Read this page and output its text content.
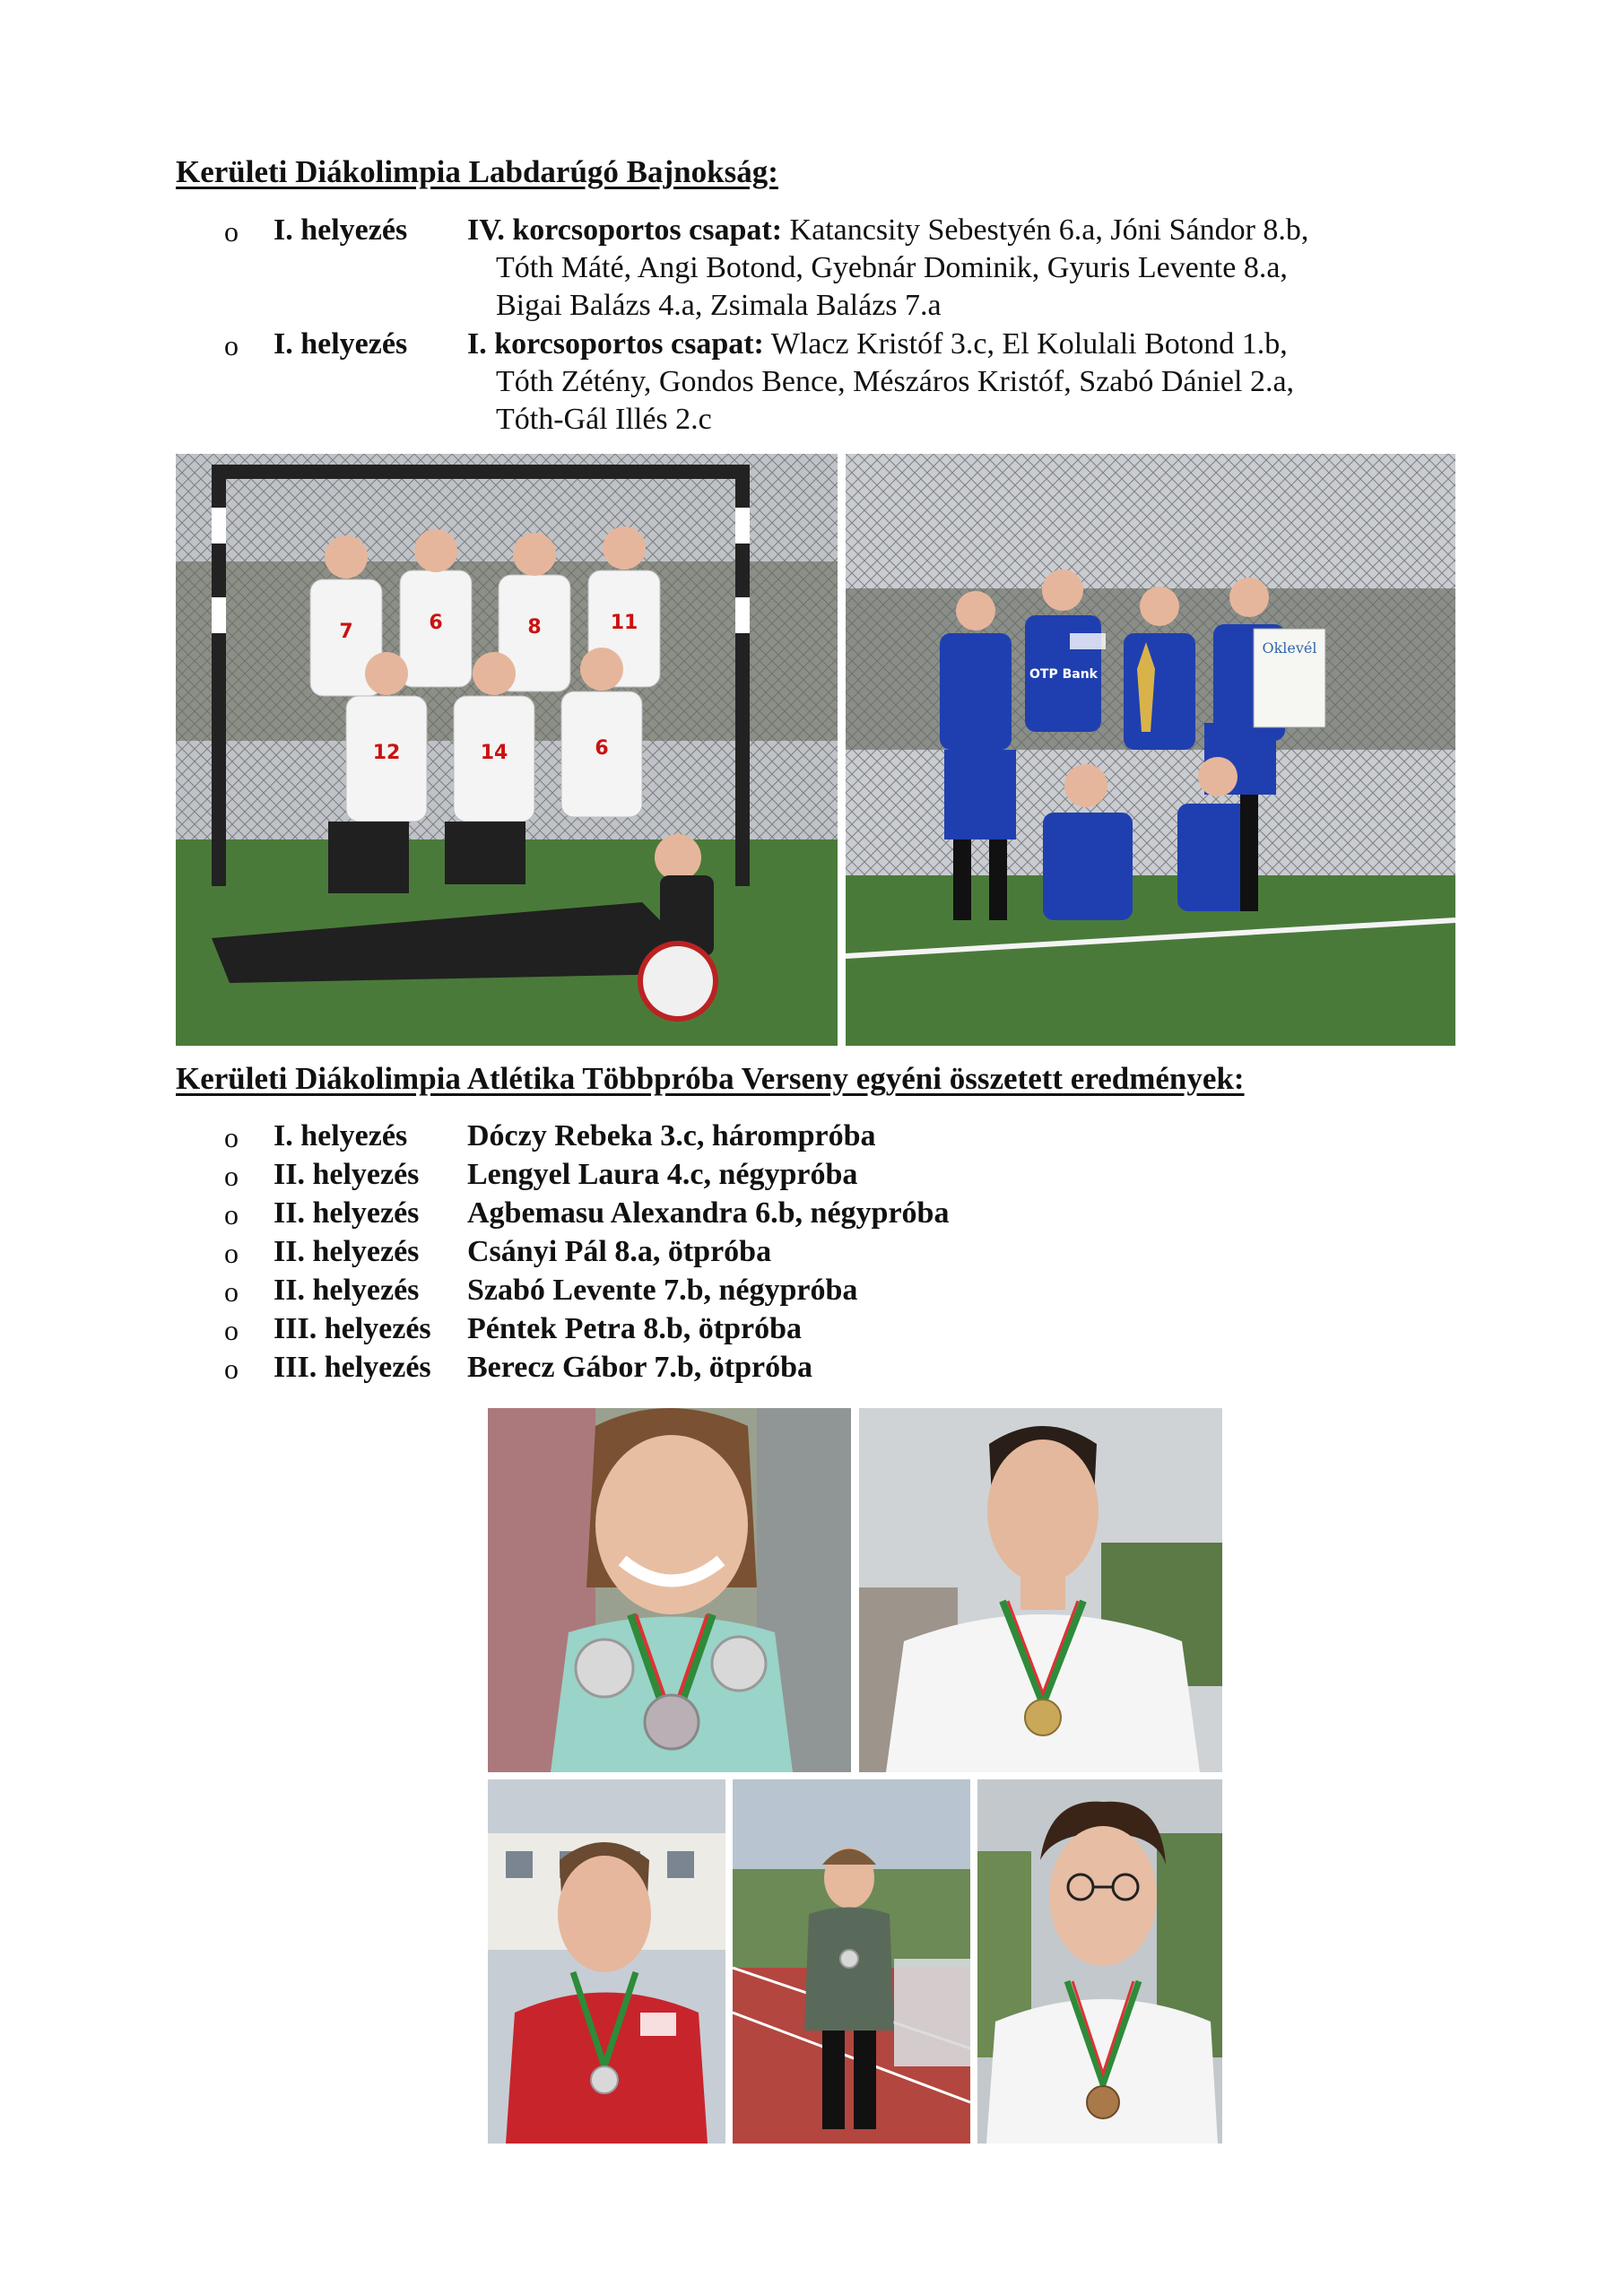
Kerületi Diákolimpia Labdarúgó Bajnokság:
o I. helyezés IV. korcsoportos csapat: Katancsity Sebestyén 6.a, Jóni Sándor 8.b,
Tóth Máté, Angi Botond, Gyebnár Dominik, Gyuris Levente 8.a,
Bigai Balázs 4.a, Zsimala Balázs 7.a
o I. helyezés I. korcsoportos csapat: Wlacz Kristóf 3.c, El Kolulali Botond 1.b,
Tóth Zétény, Gondos Bence, Mészáros Kristóf, Szabó Dániel 2.a,
Tóth-Gál Illés 2.c
7	6	8	11
12	14	6
Oklevél
OTP Bank
Kerületi Diákolimpia Atlétika Többpróba Verseny egyéni összetett eredmények:
o I. helyezés Dóczy Rebeka 3.c, hárompróba
o II. helyezés Lengyel Laura 4.c, négypróba
o II. helyezés Agbemasu Alexandra 6.b, négypróba
o II. helyezés Csányi Pál 8.a, ötpróba
o II. helyezés Szabó Levente 7.b, négypróba
o III. helyezés Péntek Petra 8.b, ötpróba
o III. helyezés Berecz Gábor 7.b, ötpróba
